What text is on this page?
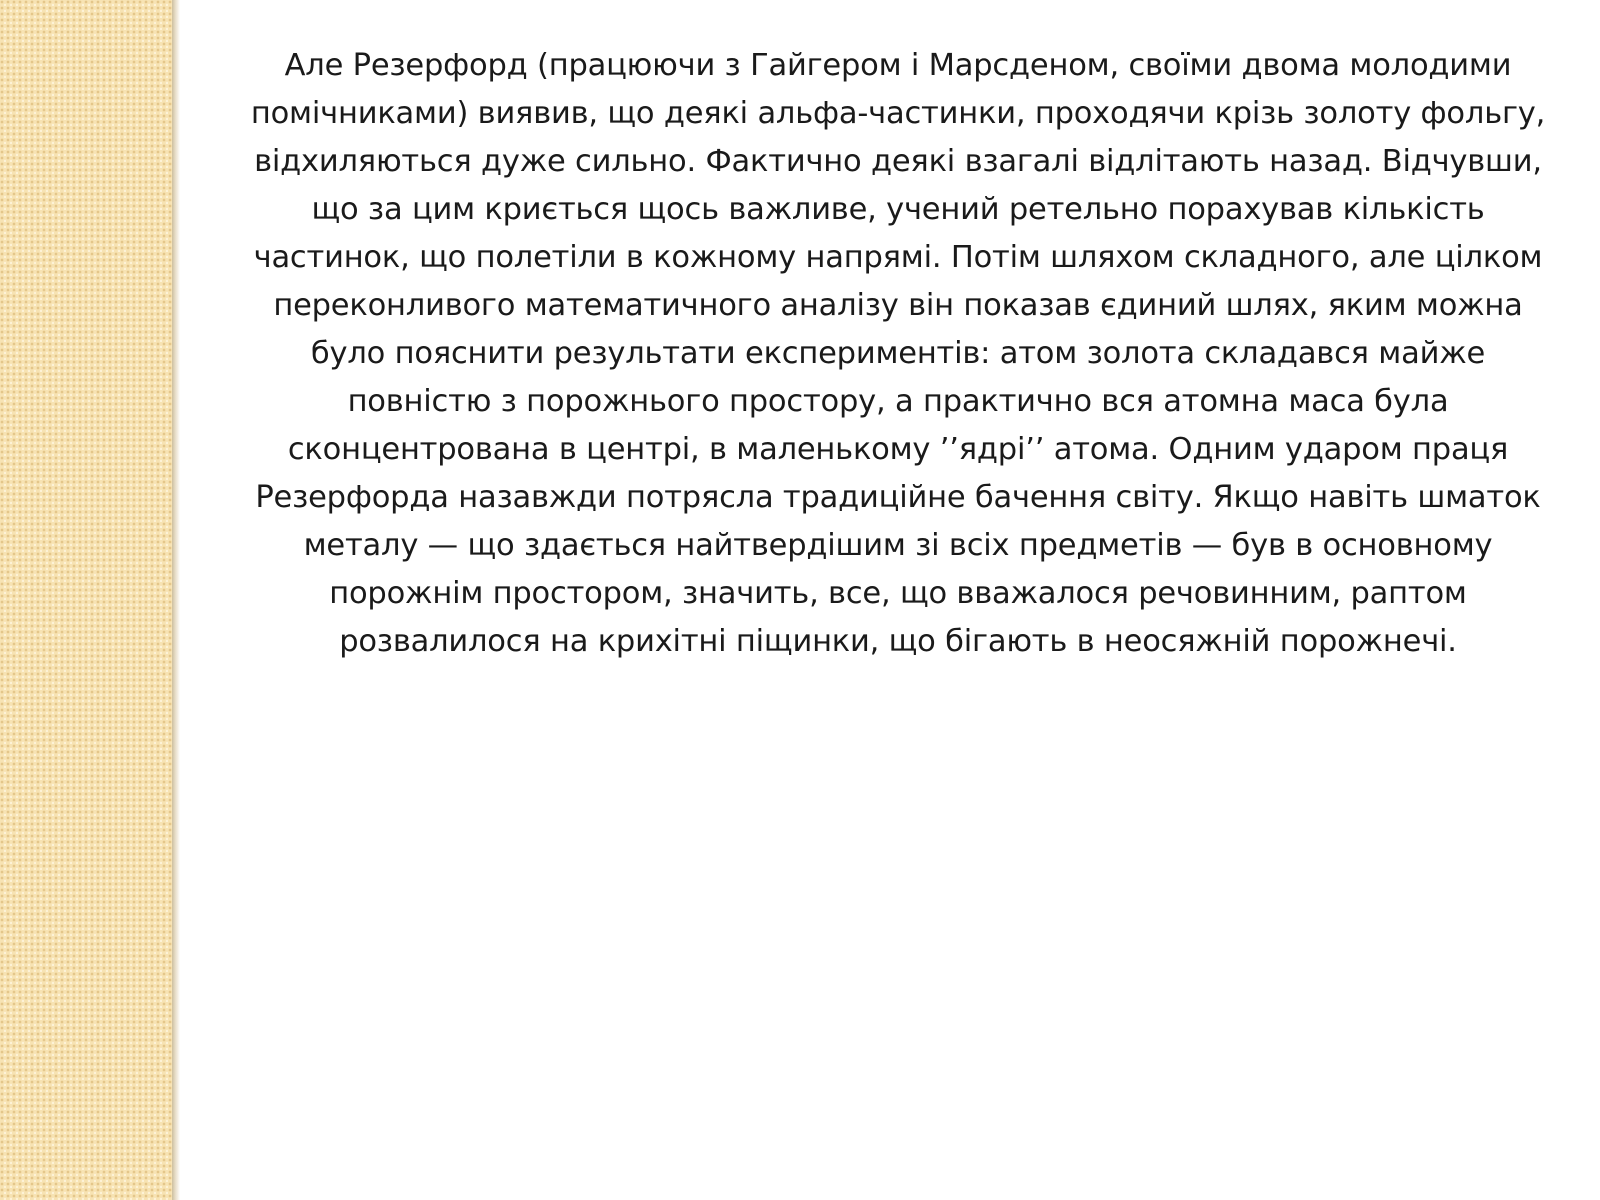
Але Резерфорд (працюючи з Гайгером і Марсденом, своїми двома молодими помічниками) виявив, що деякі альфа-частинки, проходячи крізь золоту фольгу, відхиляються дуже сильно. Фактично деякі взагалі відлітають назад. Відчувши, що за цим криється щось важливе, учений ретельно порахував кількість частинок, що полетіли в кожному напрямі. Потім шляхом складного, але цілком переконливого математичного аналізу він показав єдиний шлях, яким можна було пояснити результати експериментів: атом золота складався майже повністю з порожнього простору, а практично вся атомна маса була сконцентрована в центрі, в маленькому ’’ядрі’’ атома. Одним ударом праця Резерфорда назавжди потрясла традиційне бачення світу. Якщо навіть шматок металу — що здається найтвердішим зі всіх предметів — був в основному порожнім простором, значить, все, що вважалося речовинним, раптом розвалилося на крихітні піщинки, що бігають в неосяжній порожнечі.
